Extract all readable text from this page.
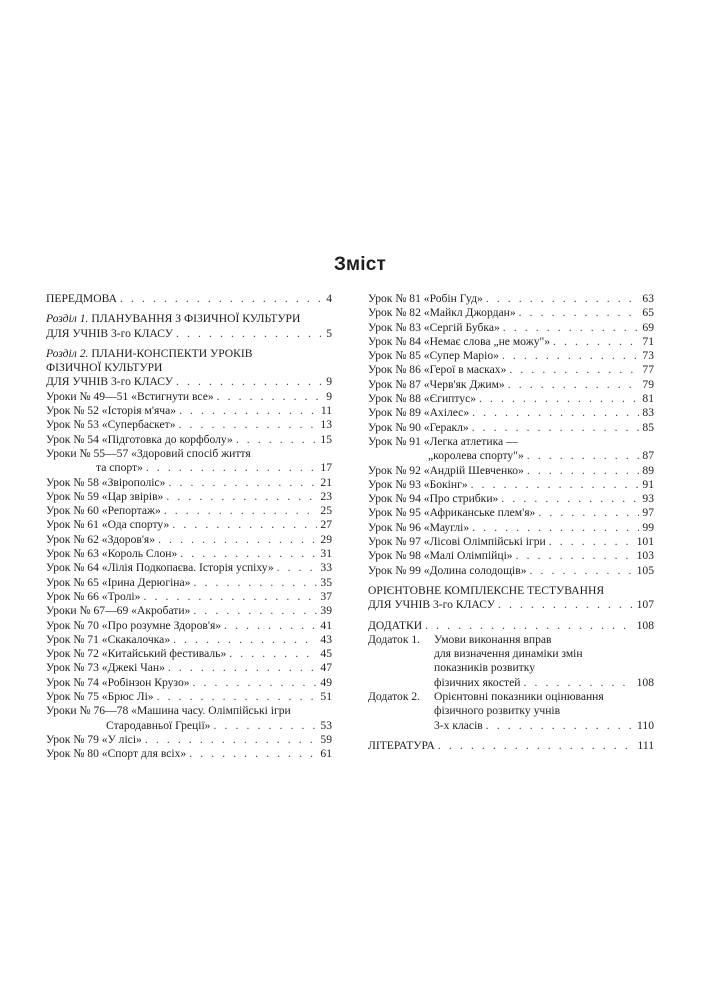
Зміст
ПЕРЕДМОВА . . .	4
Розділ 1. ПЛАНУВАННЯ З ФІЗИЧНОЇ КУЛЬТУРИ
ДЛЯ УЧНІВ 3-го КЛАСУ . . .	5
Розділ 2. ПЛАНИ-КОНСПЕКТИ УРОКІВ
ФІЗИЧНОЇ КУЛЬТУРИ
ДЛЯ УЧНІВ 3-го КЛАСУ . . .	9
Уроки № 49—51 «Встигнути все» . . .	9
Урок № 52 «Історія м'яча» . . .	11
Урок № 53 «Супербаскет» . . .	13
Урок № 54 «Підготовка до корфболу» . . .	15
Уроки № 55—57 «Здоровий спосіб життя
та спорт» . . .	17
Урок № 58 «Звірополіс» . . .	21
Урок № 59 «Цар звірів» . . .	23
Урок № 60 «Репортаж» . . .	25
Урок № 61 «Ода спорту» . . .	27
Урок № 62 «Здоров'я» . . .	29
Урок № 63 «Король Слон» . . .	31
Урок № 64 «Лілія Подкопаєва. Історія успіху» . . .	33
Урок № 65 «Ірина Дерюгіна» . . .	35
Урок № 66 «Тролі» . . .	37
Уроки № 67—69 «Акробати» . . .	39
Урок № 70 «Про розумне Здоров'я» . . .	41
Урок № 71 «Скакалочка» . . .	43
Урок № 72 «Китайський фестиваль» . . .	45
Урок № 73 «Джекі Чан» . . .	47
Урок № 74 «Робінзон Крузо» . . .	49
Урок № 75 «Брюс Лі» . . .	51
Уроки № 76—78 «Машина часу. Олімпійські ігри
Стародавньої Греції» . . .	53
Урок № 79 «У лісі» . . .	59
Урок № 80 «Спорт для всіх» . . .	61
Урок № 81 «Робін Гуд» . . .	63
Урок № 82 «Майкл Джордан» . . .	65
Урок № 83 «Сергій Бубка» . . .	69
Урок № 84 «Немає слова „не можу"» . . .	71
Урок № 85 «Супер Маріо» . . .	73
Урок № 86 «Герої в масках» . . .	77
Урок № 87 «Черв'як Джим» . . .	79
Урок № 88 «Єгиптус» . . .	81
Урок № 89 «Ахілес» . . .	83
Урок № 90 «Геракл» . . .	85
Урок № 91 «Легка атлетика —
„королева спорту"» . . .	87
Урок № 92 «Андрій Шевченко» . . .	89
Урок № 93 «Бокінг» . . .	91
Урок № 94 «Про стрибки» . . .	93
Урок № 95 «Африканське плем'я» . . .	97
Урок № 96 «Мауглі» . . .	99
Урок № 97 «Лісові Олімпійські ігри . . .	101
Урок № 98 «Малі Олімпійці» . . .	103
Урок № 99 «Долина солодощів» . . .	105
ОРІЄНТОВНЕ КОМПЛЕКСНЕ ТЕСТУВАННЯ
ДЛЯ УЧНІВ 3-го КЛАСУ . . .	107
ДОДАТКИ . . .	108
Додаток 1.	Умови виконання вправ
для визначення динаміки змін
показників розвитку
фізичних якостей . . .	108
Додаток 2.	Орієнтовні показники оцінювання
фізичного розвитку учнів
3-х класів . . .	110
ЛІТЕРАТУРА . . .	111
